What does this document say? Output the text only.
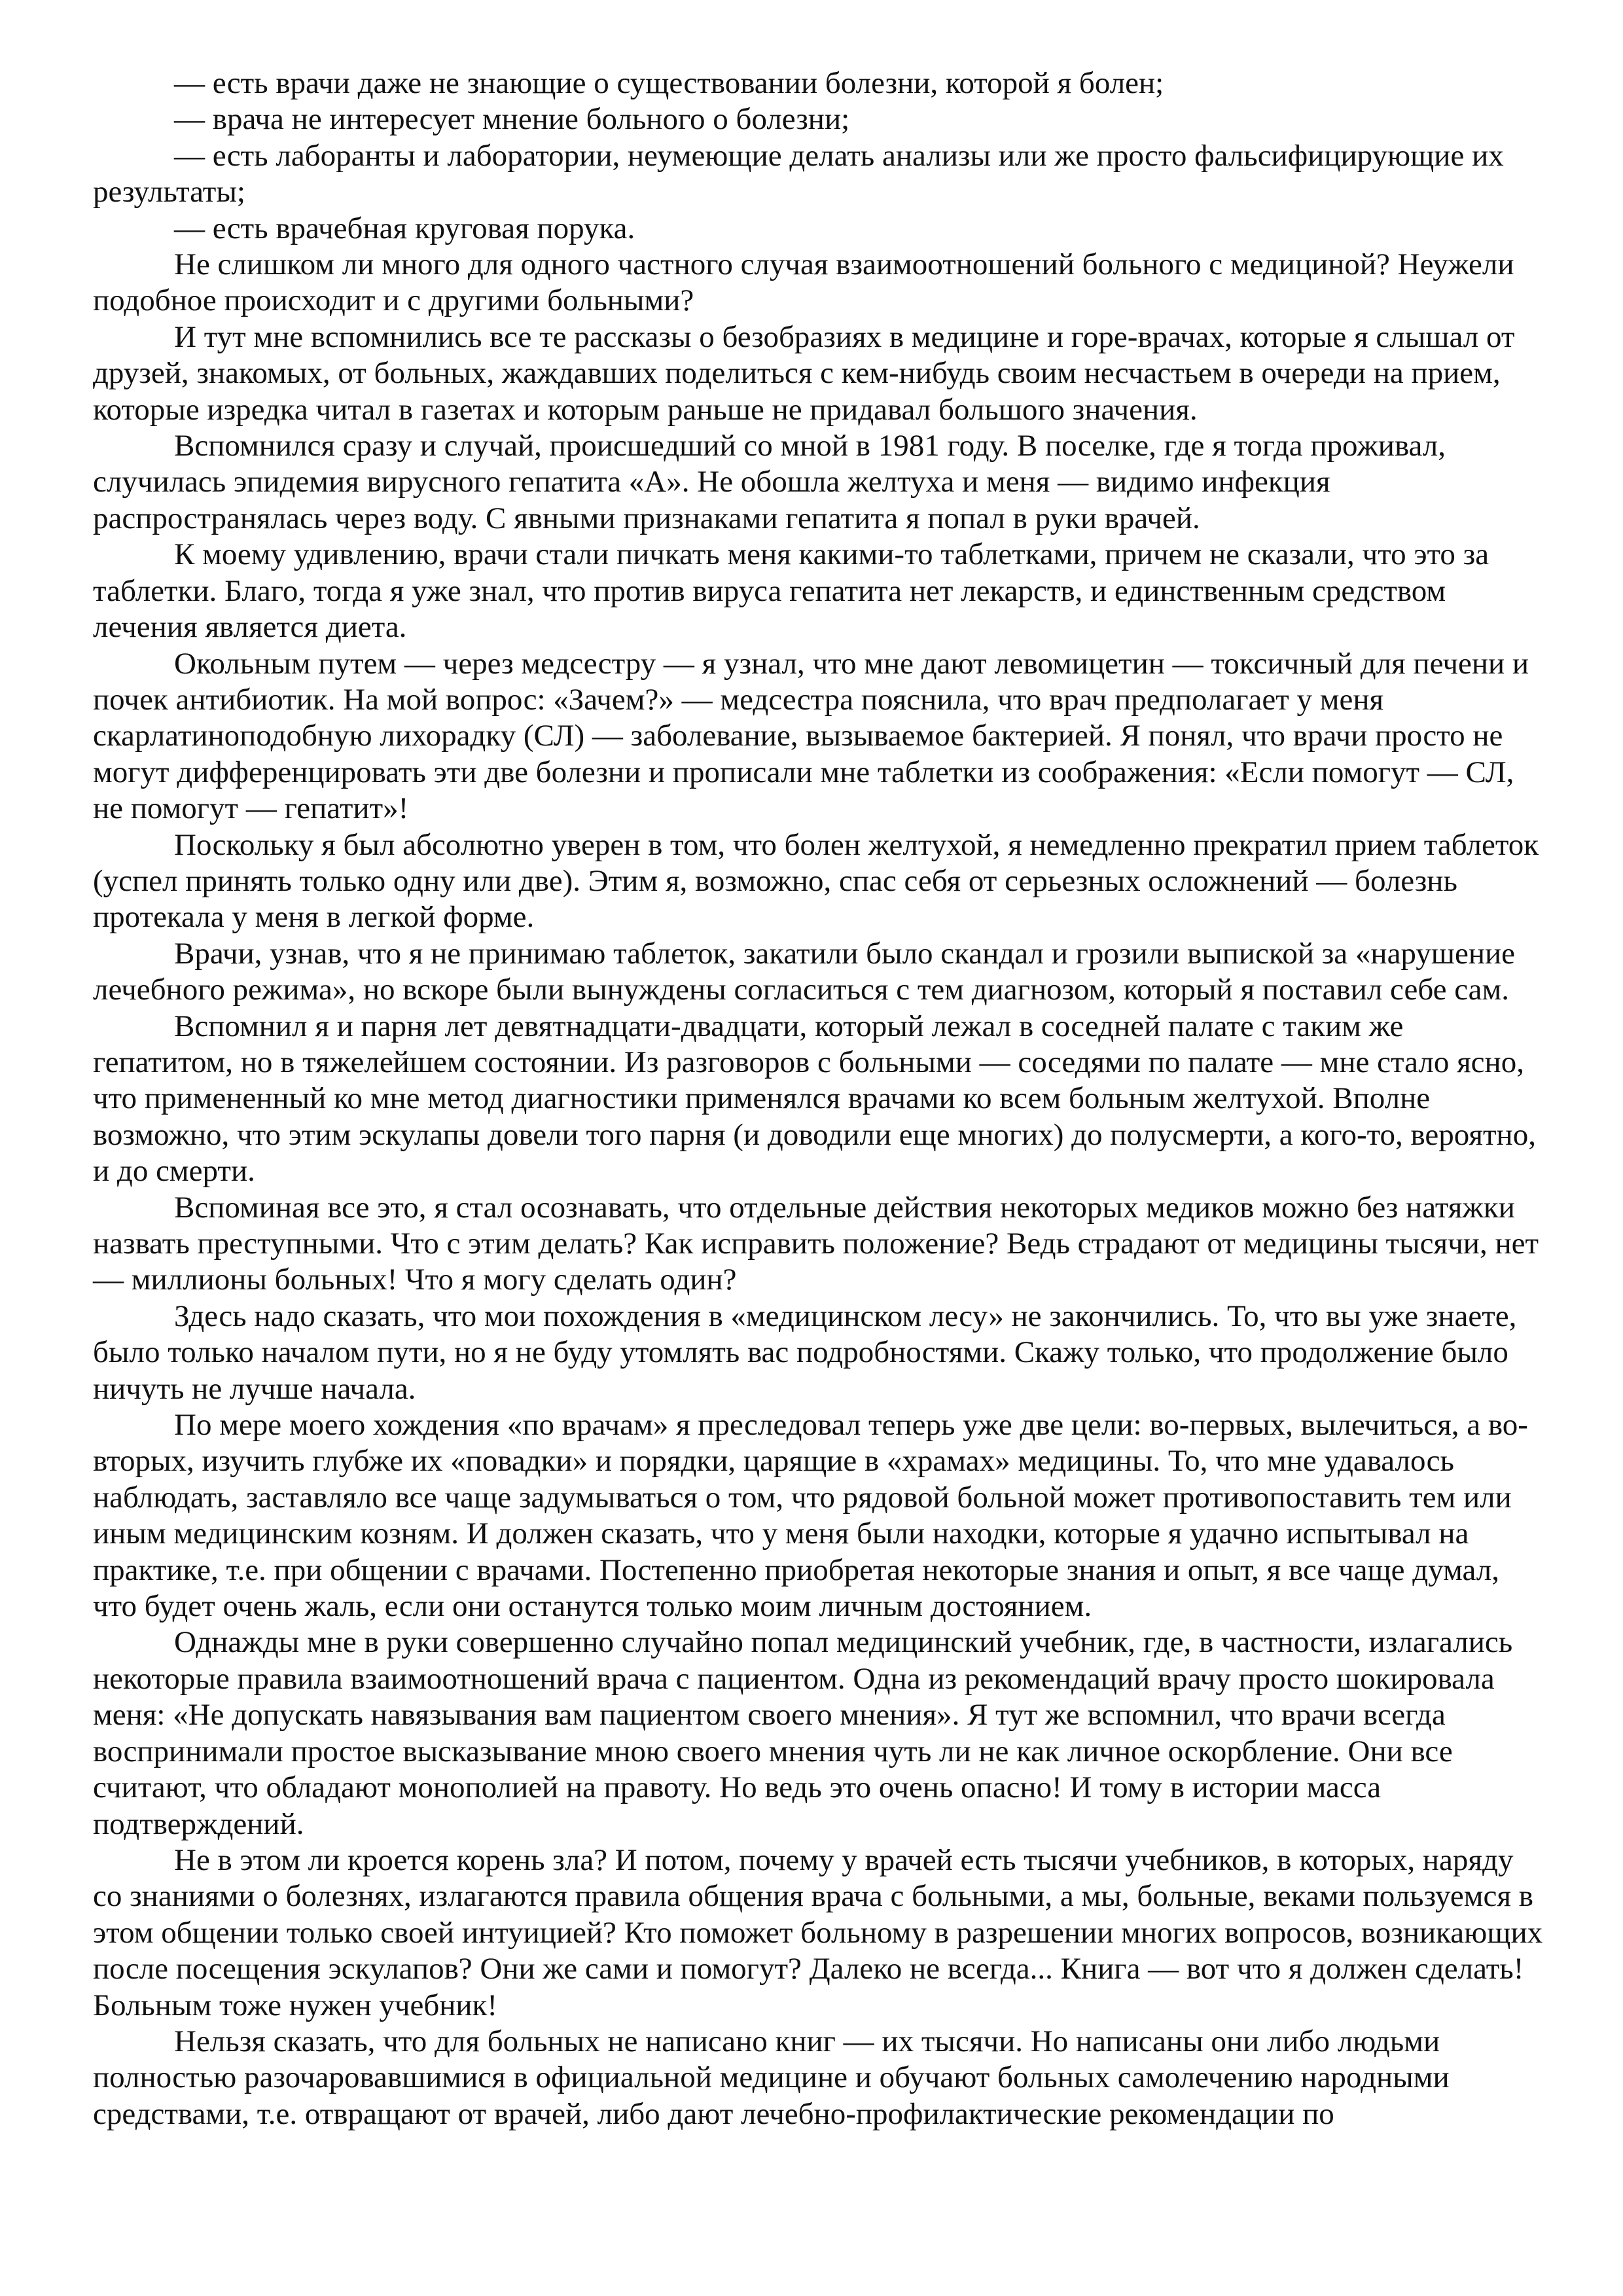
— есть врачи даже не знающие о существовании болезни, которой я болен;

— врача не интересует мнение больного о болезни;

— есть лаборанты и лаборатории, неумеющие делать анализы или же просто фальсифицирующие их результаты;

— есть врачебная круговая порука.

Не слишком ли много для одного частного случая взаимоотношений больного с медициной? Неужели подобное происходит и с другими больными?

И тут мне вспомнились все те рассказы о безобразиях в медицине и горе-врачах, которые я слышал от друзей, знакомых, от больных, жаждавших поделиться с кем-нибудь своим несчастьем в очереди на прием, которые изредка читал в газетах и которым раньше не придавал большого значения.

Вспомнился сразу и случай, происшедший со мной в 1981 году. В поселке, где я тогда проживал, случилась эпидемия вирусного гепатита «А». Не обошла желтуха и меня — видимо инфекция распространялась через воду. С явными признаками гепатита я попал в руки врачей.

К моему удивлению, врачи стали пичкать меня какими-то таблетками, причем не сказали, что это за таблетки. Благо, тогда я уже знал, что против вируса гепатита нет лекарств, и единственным средством лечения является диета.

Окольным путем — через медсестру — я узнал, что мне дают левомицетин — токсичный для печени и почек антибиотик. На мой вопрос: «Зачем?» — медсестра пояснила, что врач предполагает у меня скарлатиноподобную лихорадку (СЛ) — заболевание, вызываемое бактерией. Я понял, что врачи просто не могут дифференцировать эти две болезни и прописали мне таблетки из соображения: «Если помогут — СЛ, не помогут — гепатит»!

Поскольку я был абсолютно уверен в том, что болен желтухой, я немедленно прекратил прием таблеток (успел принять только одну или две). Этим я, возможно, спас себя от серьезных осложнений — болезнь протекала у меня в легкой форме.

Врачи, узнав, что я не принимаю таблеток, закатили было скандал и грозили выпиской за «нарушение лечебного режима», но вскоре были вынуждены согласиться с тем диагнозом, который я поставил себе сам.

Вспомнил я и парня лет девятнадцати-двадцати, который лежал в соседней палате с таким же гепатитом, но в тяжелейшем состоянии. Из разговоров с больными — соседями по палате — мне стало ясно, что примененный ко мне метод диагностики применялся врачами ко всем больным желтухой. Вполне возможно, что этим эскулапы довели того парня (и доводили еще многих) до полусмерти, а кого-то, вероятно, и до смерти.

Вспоминая все это, я стал осознавать, что отдельные действия некоторых медиков можно без натяжки назвать преступными. Что с этим делать? Как исправить положение? Ведь страдают от медицины тысячи, нет — миллионы больных! Что я могу сделать один?

Здесь надо сказать, что мои похождения в «медицинском лесу» не закончились. То, что вы уже знаете, было только началом пути, но я не буду утомлять вас подробностями. Скажу только, что продолжение было ничуть не лучше начала.

По мере моего хождения «по врачам» я преследовал теперь уже две цели: во-первых, вылечиться, а во-вторых, изучить глубже их «повадки» и порядки, царящие в «храмах» медицины. То, что мне удавалось наблюдать, заставляло все чаще задумываться о том, что рядовой больной может противопоставить тем или иным медицинским козням. И должен сказать, что у меня были находки, которые я удачно испытывал на практике, т.е. при общении с врачами. Постепенно приобретая некоторые знания и опыт, я все чаще думал, что будет очень жаль, если они останутся только моим личным достоянием.

Однажды мне в руки совершенно случайно попал медицинский учебник, где, в частности, излагались некоторые правила взаимоотношений врача с пациентом. Одна из рекомендаций врачу просто шокировала меня: «Не допускать навязывания вам пациентом своего мнения». Я тут же вспомнил, что врачи всегда воспринимали простое высказывание мною своего мнения чуть ли не как личное оскорбление. Они все считают, что обладают монополией на правоту. Но ведь это очень опасно! И тому в истории масса подтверждений.

Не в этом ли кроется корень зла? И потом, почему у врачей есть тысячи учебников, в которых, наряду со знаниями о болезнях, излагаются правила общения врача с больными, а мы, больные, веками пользуемся в этом общении только своей интуицией? Кто поможет больному в разрешении многих вопросов, возникающих после посещения эскулапов? Они же сами и помогут? Далеко не всегда... Книга — вот что я должен сделать! Больным тоже нужен учебник!

Нельзя сказать, что для больных не написано книг — их тысячи. Но написаны они либо людьми полностью разочаровавшимися в официальной медицине и обучают больных самолечению народными средствами, т.е. отвращают от врачей, либо дают лечебно-профилактические рекомендации по
